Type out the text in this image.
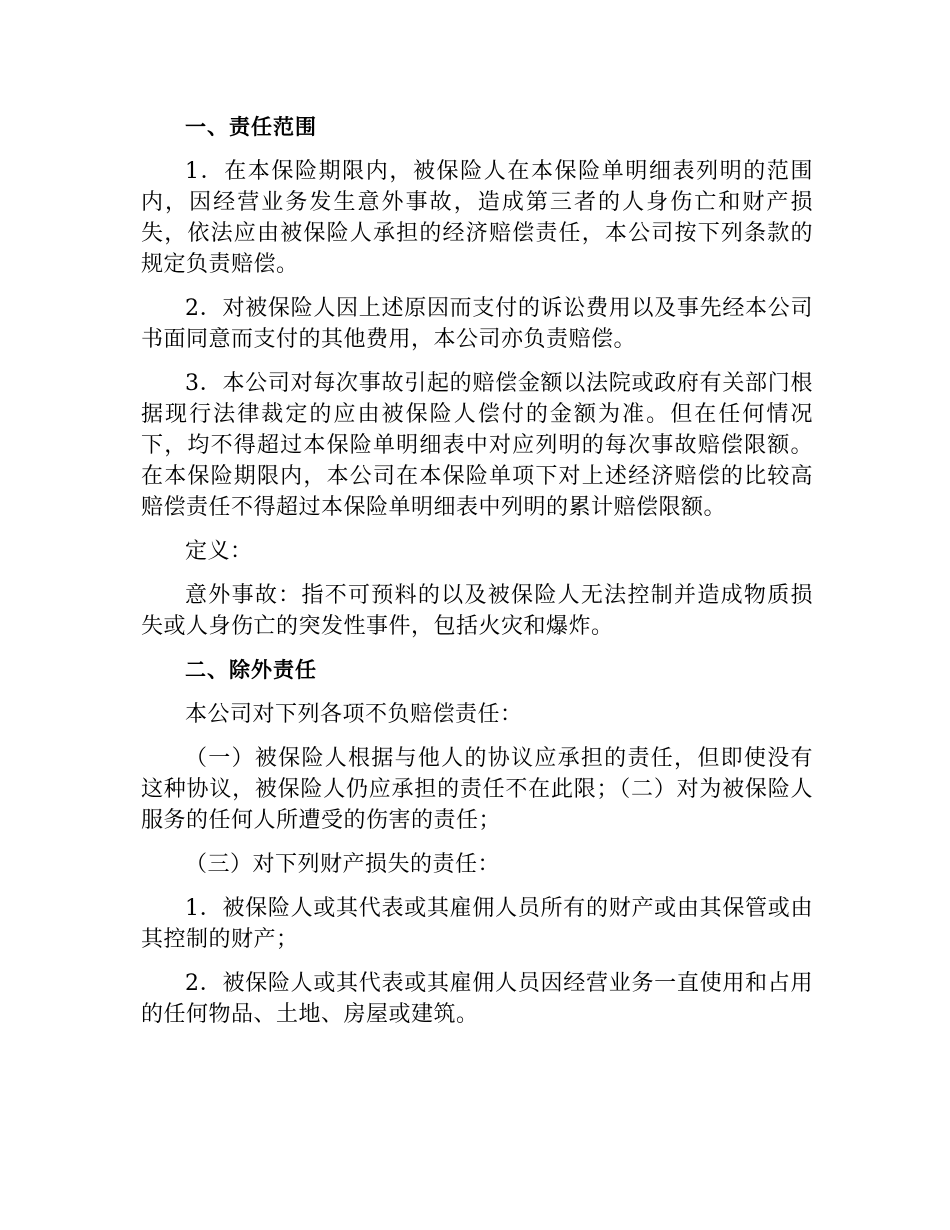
一、责任范围

1．在本保险期限内，被保险人在本保险单明细表列明的范围内，因经营业务发生意外事故，造成第三者的人身伤亡和财产损失，依法应由被保险人承担的经济赔偿责任，本公司按下列条款的规定负责赔偿。

2．对被保险人因上述原因而支付的诉讼费用以及事先经本公司书面同意而支付的其他费用，本公司亦负责赔偿。

3．本公司对每次事故引起的赔偿金额以法院或政府有关部门根据现行法律裁定的应由被保险人偿付的金额为准。但在任何情况下，均不得超过本保险单明细表中对应列明的每次事故赔偿限额。在本保险期限内，本公司在本保险单项下对上述经济赔偿的比较高赔偿责任不得超过本保险单明细表中列明的累计赔偿限额。

定义：

意外事故：指不可预料的以及被保险人无法控制并造成物质损失或人身伤亡的突发性事件，包括火灾和爆炸。

二、除外责任

本公司对下列各项不负赔偿责任：

（一）被保险人根据与他人的协议应承担的责任，但即使没有这种协议，被保险人仍应承担的责任不在此限；（二）对为被保险人服务的任何人所遭受的伤害的责任；

（三）对下列财产损失的责任：

1．被保险人或其代表或其雇佣人员所有的财产或由其保管或由其控制的财产；

2．被保险人或其代表或其雇佣人员因经营业务一直使用和占用的任何物品、土地、房屋或建筑。
